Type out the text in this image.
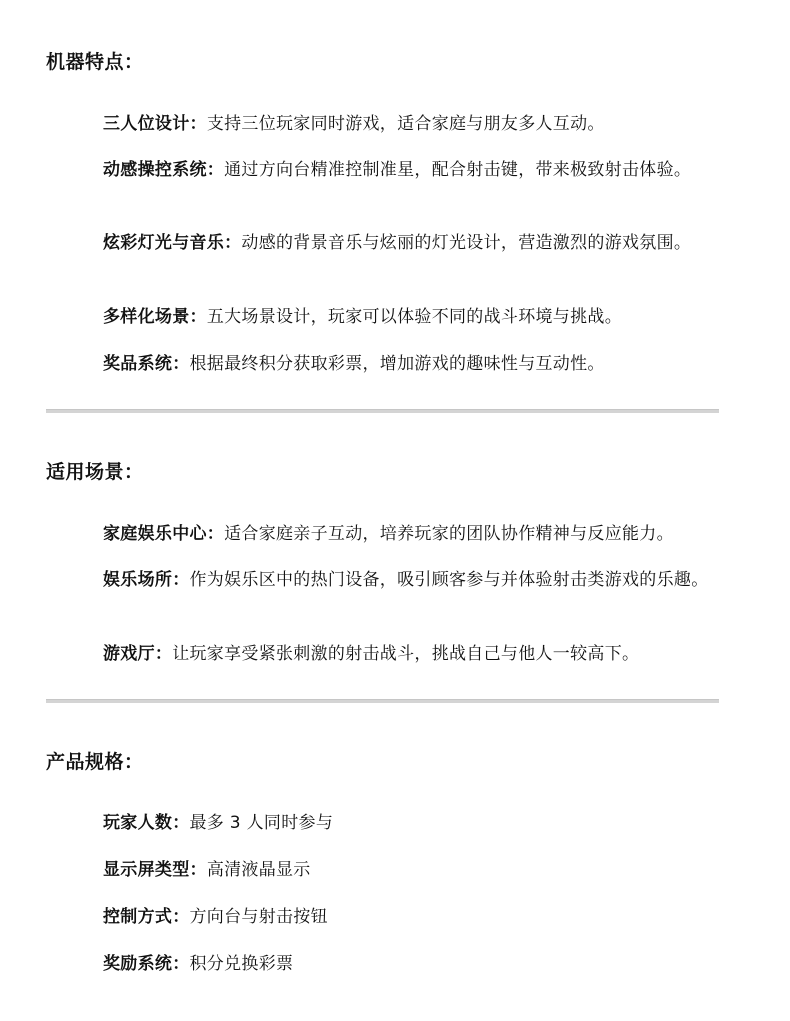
机器特点：

三人位设计：支持三位玩家同时游戏，适合家庭与朋友多人互动。

动感操控系统：通过方向台精准控制准星，配合射击键，带来极致射击体验。

炫彩灯光与音乐：动感的背景音乐与炫丽的灯光设计，营造激烈的游戏氛围。

多样化场景：五大场景设计，玩家可以体验不同的战斗环境与挑战。

奖品系统：根据最终积分获取彩票，增加游戏的趣味性与互动性。

适用场景：

家庭娱乐中心：适合家庭亲子互动，培养玩家的团队协作精神与反应能力。

娱乐场所：作为娱乐区中的热门设备，吸引顾客参与并体验射击类游戏的乐趣。

游戏厅：让玩家享受紧张刺激的射击战斗，挑战自己与他人一较高下。

产品规格：

玩家人数：最多 3 人同时参与

显示屏类型：高清液晶显示

控制方式：方向台与射击按钮

奖励系统：积分兑换彩票
